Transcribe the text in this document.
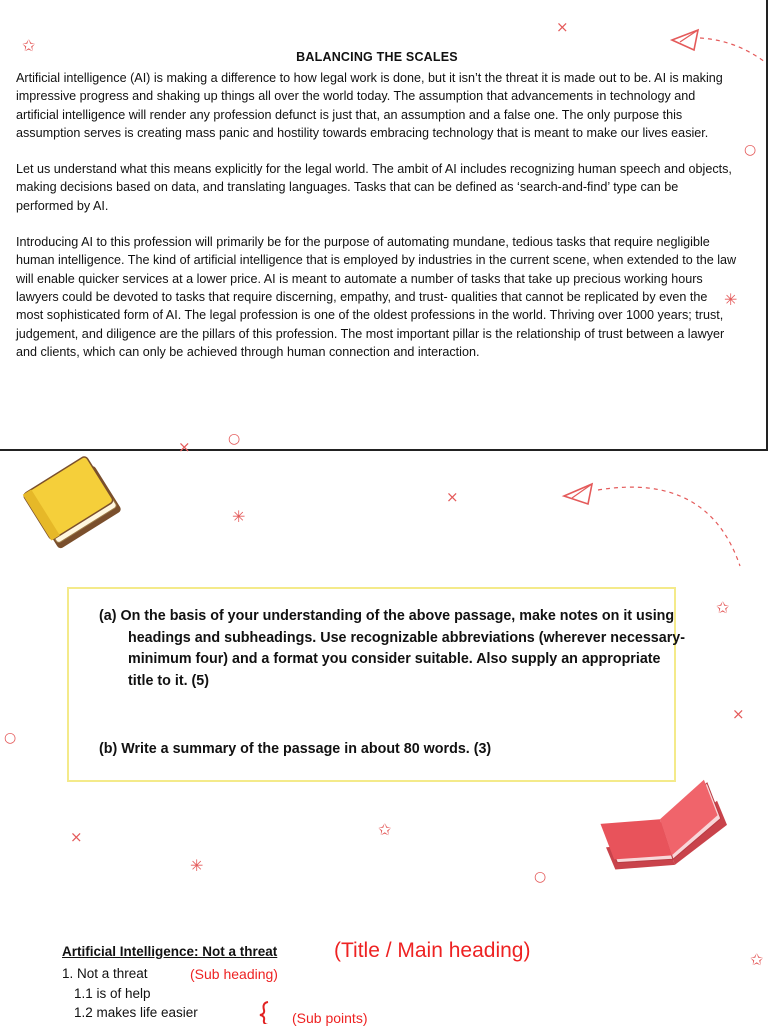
BALANCING THE SCALES

Artificial intelligence (AI) is making a difference to how legal work is done, but it isn’t the threat it is made out to be. AI is making impressive progress and shaking up things all over the world today. The assumption that advancements in technology and artificial intelligence will render any profession defunct is just that, an assumption and a false one. The only purpose this assumption serves is creating mass panic and hostility towards embracing technology that is meant to make our lives easier.

Let us understand what this means explicitly for the legal world. The ambit of AI includes recognizing human speech and objects, making decisions based on data, and translating languages. Tasks that can be defined as ‘search-and-find’ type can be performed by AI.

Introducing AI to this profession will primarily be for the purpose of automating mundane, tedious tasks that require negligible human intelligence. The kind of artificial intelligence that is employed by industries in the current scene, when extended to the law will enable quicker services at a lower price. AI is meant to automate a number of tasks that take up precious working hours lawyers could be devoted to tasks that require discerning, empathy, and trust- qualities that cannot be replicated by even the most sophisticated form of AI. The legal profession is one of the oldest professions in the world. Thriving over 1000 years; trust, judgement, and diligence are the pillars of this profession. The most important pillar is the relationship of trust between a lawyer and clients, which can only be achieved through human connection and interaction.

(a) On the basis of your understanding of the above passage, make notes on it using headings and subheadings. Use recognizable abbreviations (wherever necessary- minimum four) and a format you consider suitable. Also supply an appropriate title to it. (5)
(b) Write a summary of the passage in about 80 words. (3)
✩
×
○
✳
×	○
×
✳
✩
×
○
×	✩
✳
○
✩
Artificial Intelligence: Not a threat	(Title / Main heading)
1. Not a threat	(Sub heading)
1.1 is of help
1.2 makes life easier	(Sub points)
